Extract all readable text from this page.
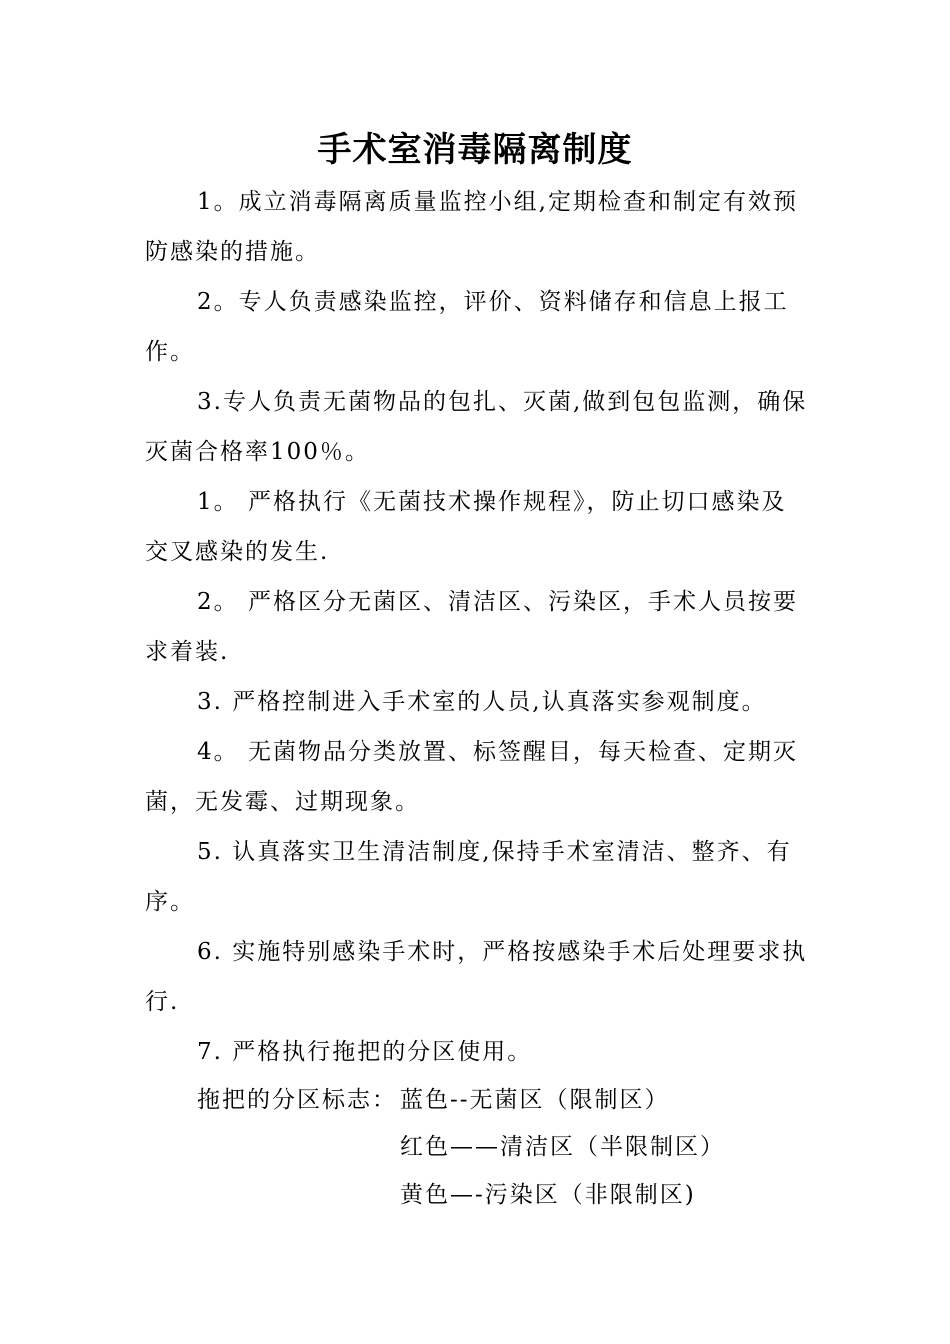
手术室消毒隔离制度
1。成立消毒隔离质量监控小组,定期检查和制定有效预防感染的措施。
2。专人负责感染监控，评价、资料储存和信息上报工作。
3.专人负责无菌物品的包扎、灭菌,做到包包监测，确保灭菌合格率100％。
1。 严格执行《无菌技术操作规程》，防止切口感染及交叉感染的发生.
2。 严格区分无菌区、清洁区、污染区，手术人员按要求着装.
3. 严格控制进入手术室的人员,认真落实参观制度。
4。 无菌物品分类放置、标签醒目，每天检查、定期灭菌，无发霉、过期现象。
5. 认真落实卫生清洁制度,保持手术室清洁、整齐、有序。
6. 实施特别感染手术时，严格按感染手术后处理要求执行.
7. 严格执行拖把的分区使用。
拖把的分区标志： 蓝色--无菌区（限制区）
红色——清洁区（半限制区）
黄色—-污染区（非限制区)
